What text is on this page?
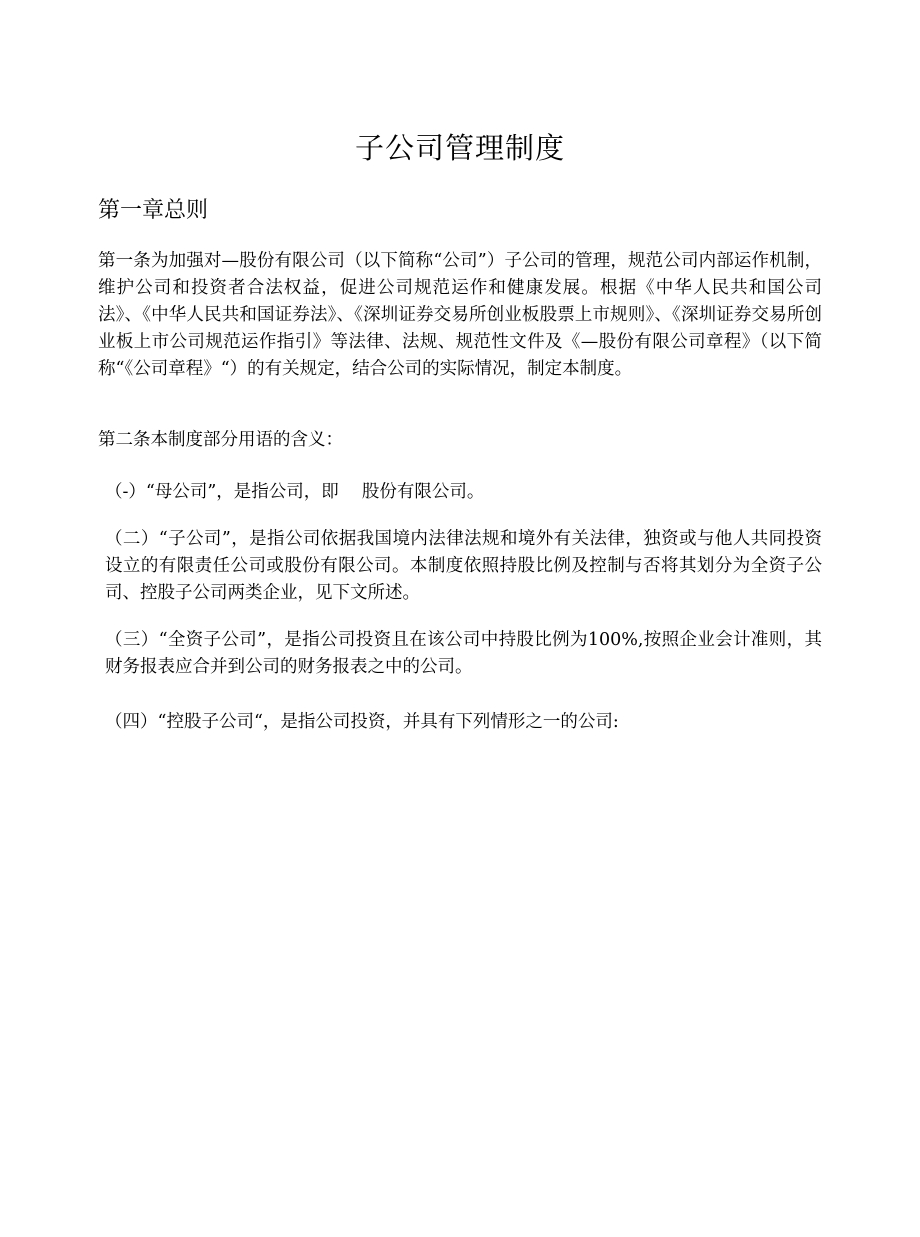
子公司管理制度
第一章总则

第一条为加强对—股份有限公司（以下简称“公司”）子公司的管理，规范公司内部运作机制，维护公司和投资者合法权益，促进公司规范运作和健康发展。根据《中华人民共和国公司法》、《中华人民共和国证券法》、《深圳证券交易所创业板股票上市规则》、《深圳证券交易所创业板上市公司规范运作指引》等法律、法规、规范性文件及《—股份有限公司章程》（以下简称“《公司章程》“）的有关规定，结合公司的实际情况，制定本制度。

第二条本制度部分用语的含义：

（-）“母公司”，是指公司，即　 股份有限公司。

（二）“子公司”，是指公司依据我国境内法律法规和境外有关法律，独资或与他人共同投资设立的有限责任公司或股份有限公司。本制度依照持股比例及控制与否将其划分为全资子公司、控股子公司两类企业，见下文所述。

（三）“全资子公司”，是指公司投资且在该公司中持股比例为100%,按照企业会计准则，其财务报表应合并到公司的财务报表之中的公司。

（四）“控股子公司“，是指公司投资，并具有下列情形之一的公司:
